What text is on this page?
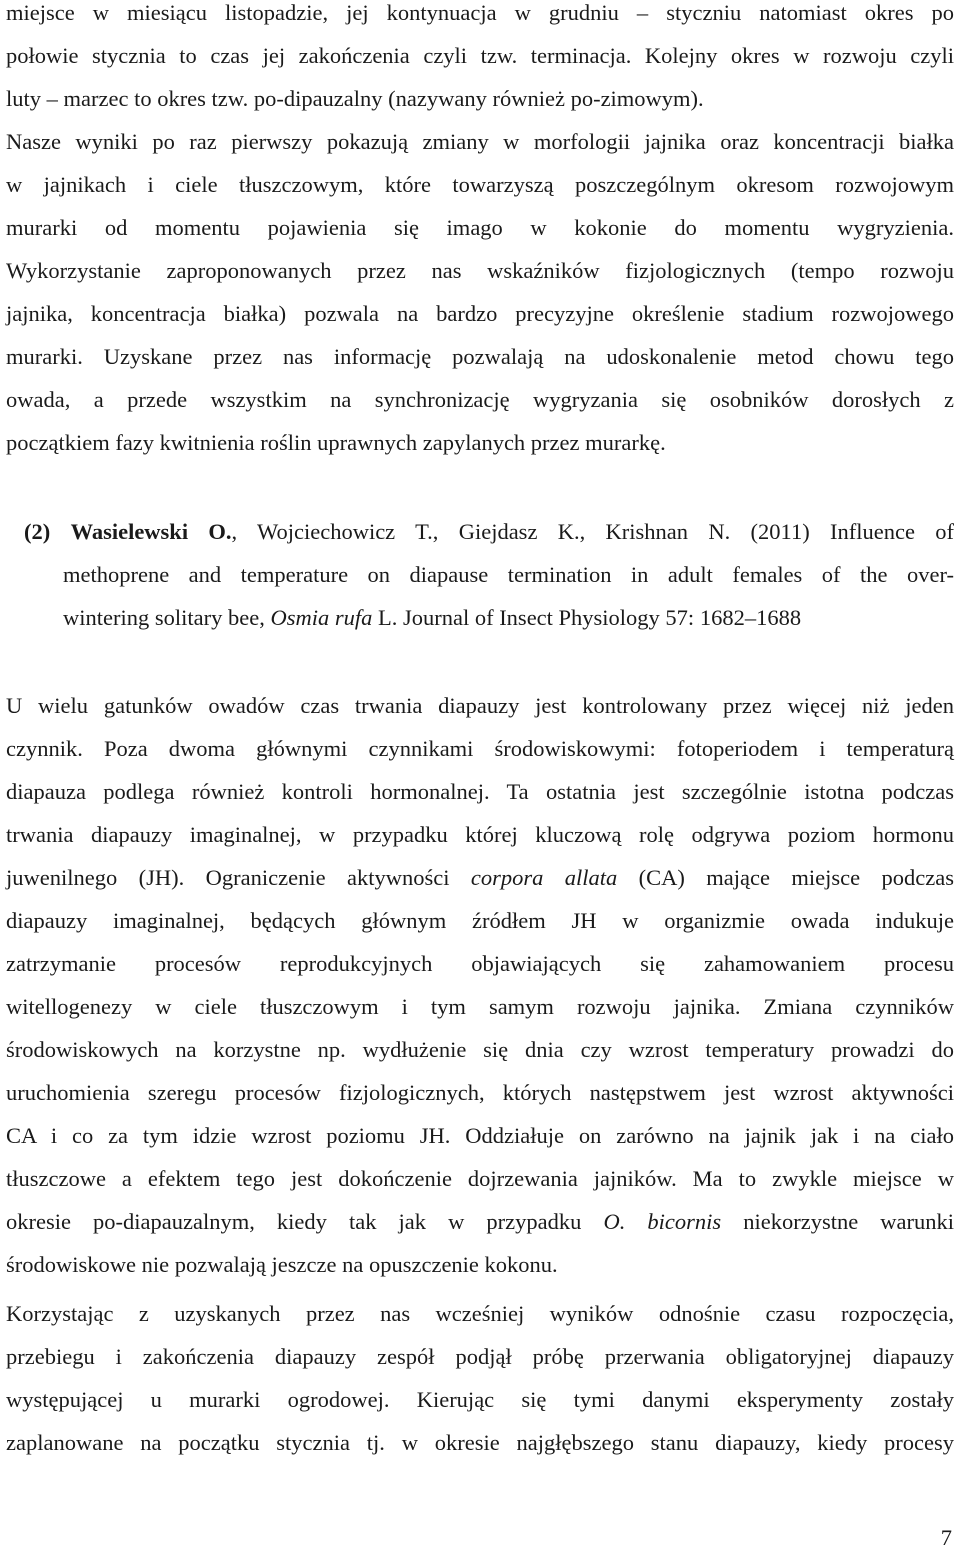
miejsce w miesiącu listopadzie, jej kontynuacja w grudniu – styczniu natomiast okres po
połowie stycznia to czas jej zakończenia czyli tzw. terminacja. Kolejny okres w rozwoju czyli
luty – marzec to okres tzw. po-dipauzalny (nazywany również po-zimowym).
Nasze wyniki po raz pierwszy pokazują zmiany w morfologii jajnika oraz koncentracji białka
w jajnikach i ciele tłuszczowym, które towarzyszą poszczególnym okresom rozwojowym
murarki od momentu pojawienia się imago w kokonie do momentu wygryzienia.
Wykorzystanie zaproponowanych przez nas wskaźników fizjologicznych (tempo rozwoju
jajnika, koncentracja białka) pozwala na bardzo precyzyjne określenie stadium rozwojowego
murarki. Uzyskane przez nas informację pozwalają na udoskonalenie metod chowu tego
owada, a przede wszystkim na synchronizację wygryzania się osobników dorosłych z
początkiem fazy kwitnienia roślin uprawnych zapylanych przez murarkę.
(2) Wasielewski O., Wojciechowicz T., Giejdasz K., Krishnan N. (2011) Influence of
methoprene and temperature on diapause termination in adult females of the over-
wintering solitary bee, Osmia rufa L. Journal of Insect Physiology 57: 1682–1688
U wielu gatunków owadów czas trwania diapauzy jest kontrolowany przez więcej niż jeden
czynnik. Poza dwoma głównymi czynnikami środowiskowymi: fotoperiodem i temperaturą
diapauza podlega również kontroli hormonalnej. Ta ostatnia jest szczególnie istotna podczas
trwania diapauzy imaginalnej, w przypadku której kluczową rolę odgrywa poziom hormonu
juwenilnego (JH). Ograniczenie aktywności corpora allata (CA) mające miejsce podczas
diapauzy imaginalnej, będących głównym źródłem JH w organizmie owada indukuje
zatrzymanie procesów reprodukcyjnych objawiających się zahamowaniem procesu
witellogenezy w ciele tłuszczowym i tym samym rozwoju jajnika. Zmiana czynników
środowiskowych na korzystne np. wydłużenie się dnia czy wzrost temperatury prowadzi do
uruchomienia szeregu procesów fizjologicznych, których następstwem jest wzrost aktywności
CA i co za tym idzie wzrost poziomu JH. Oddziałuje on zarówno na jajnik jak i na ciało
tłuszczowe a efektem tego jest dokończenie dojrzewania jajników. Ma to zwykle miejsce w
okresie po-diapauzalnym, kiedy tak jak w przypadku O. bicornis niekorzystne warunki
środowiskowe nie pozwalają jeszcze na opuszczenie kokonu.
Korzystając z uzyskanych przez nas wcześniej wyników odnośnie czasu rozpoczęcia,
przebiegu i zakończenia diapauzy zespół podjął próbę przerwania obligatoryjnej diapauzy
występującej u murarki ogrodowej. Kierując się tymi danymi eksperymenty zostały
zaplanowane na początku stycznia tj. w okresie najgłębszego stanu diapauzy, kiedy procesy
7
